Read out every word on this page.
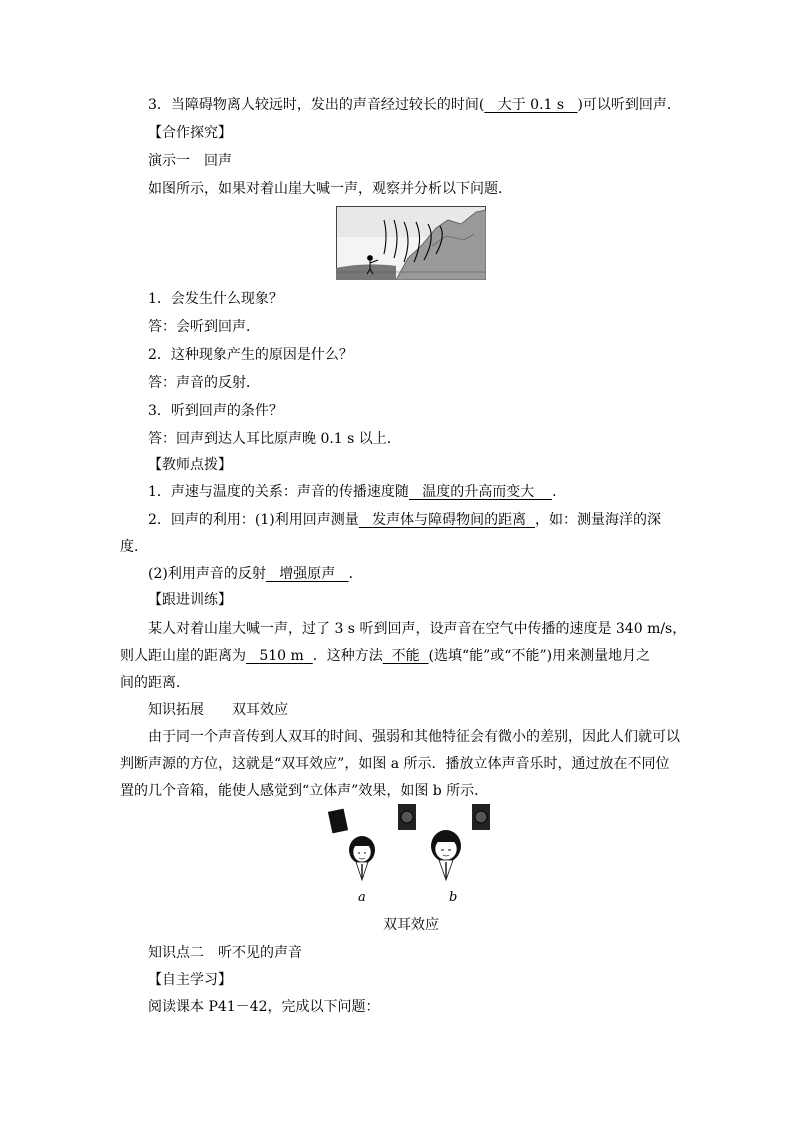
3．当障碍物离人较远时，发出的声音经过较长的时间( 大于 0.1 s )可以听到回声．
【合作探究】
演示一　回声
如图所示，如果对着山崖大喊一声，观察并分析以下问题．
1．会发生什么现象？
答：会听到回声．
2．这种现象产生的原因是什么？
答：声音的反射．
3．听到回声的条件？
答：回声到达人耳比原声晚 0.1 s 以上．
【教师点拨】
1．声速与温度的关系：声音的传播速度随 温度的升高而变大 ．
2．回声的利用：(1)利用回声测量 发声体与障碍物间的距离 ，如：测量海洋的深
度．
(2)利用声音的反射 增强原声 ．
【跟进训练】
某人对着山崖大喊一声，过了 3 s 听到回声，设声音在空气中传播的速度是 340 m/s，
则人距山崖的距离为 510 m ．这种方法 不能 (选填“能”或“不能”)用来测量地月之
间的距离．
知识拓展　　双耳效应
由于同一个声音传到人双耳的时间、强弱和其他特征会有微小的差别，因此人们就可以
判断声源的方位，这就是“双耳效应”，如图 a 所示．播放立体声音乐时，通过放在不同位
置的几个音箱，能使人感觉到“立体声”效果，如图 b 所示．
a	b
双耳效应
知识点二　听不见的声音
【自主学习】
阅读课本 P41－42，完成以下问题：
